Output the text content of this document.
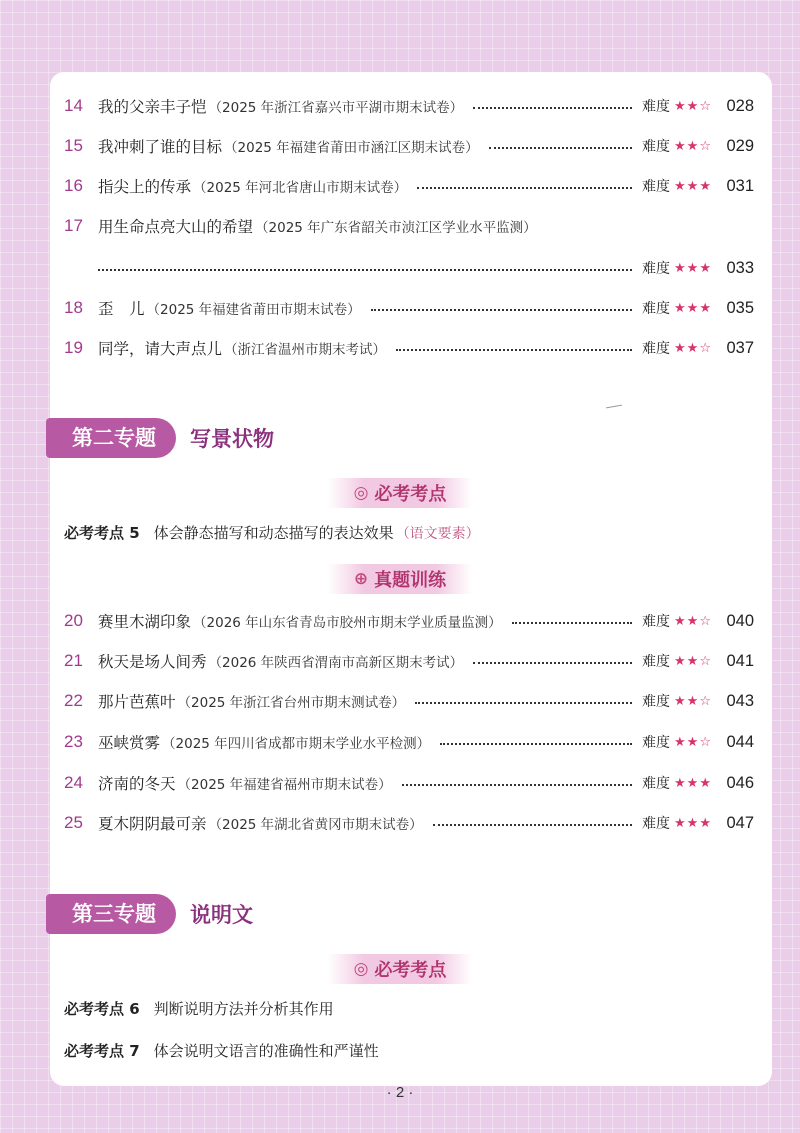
14 我的父亲丰子恺 （2025 年浙江省嘉兴市平湖市期末试卷）	难度 ★★☆ 028
15 我冲刺了谁的目标 （2025 年福建省莆田市涵江区期末试卷）	难度 ★★☆ 029
16 指尖上的传承 （2025 年河北省唐山市期末试卷）	难度 ★★★ 031
17 用生命点亮大山的希望 （2025 年广东省韶关市浈江区学业水平监测）
难度 ★★★ 033
18 歪　儿 （2025 年福建省莆田市期末试卷）	难度 ★★★ 035
19 同学，请大声点儿 （浙江省温州市期末考试）	难度 ★★☆ 037
第二专题	写景状物
◎ 必考考点
必考考点 5 体会静态描写和动态描写的表达效果 （语文要素）
⊕ 真题训练
20 赛里木湖印象 （2026 年山东省青岛市胶州市期末学业质量监测）	难度 ★★☆ 040
21 秋天是场人间秀 （2026 年陕西省渭南市高新区期末考试）	难度 ★★☆ 041
22 那片芭蕉叶 （2025 年浙江省台州市期末测试卷）	难度 ★★☆ 043
23 巫峡赏雾 （2025 年四川省成都市期末学业水平检测）	难度 ★★☆ 044
24 济南的冬天 （2025 年福建省福州市期末试卷）	难度 ★★★ 046
25 夏木阴阴最可亲 （2025 年湖北省黄冈市期末试卷）	难度 ★★★ 047
第三专题	说明文
◎ 必考考点
必考考点 6 判断说明方法并分析其作用
必考考点 7 体会说明文语言的准确性和严谨性
· 2 ·
